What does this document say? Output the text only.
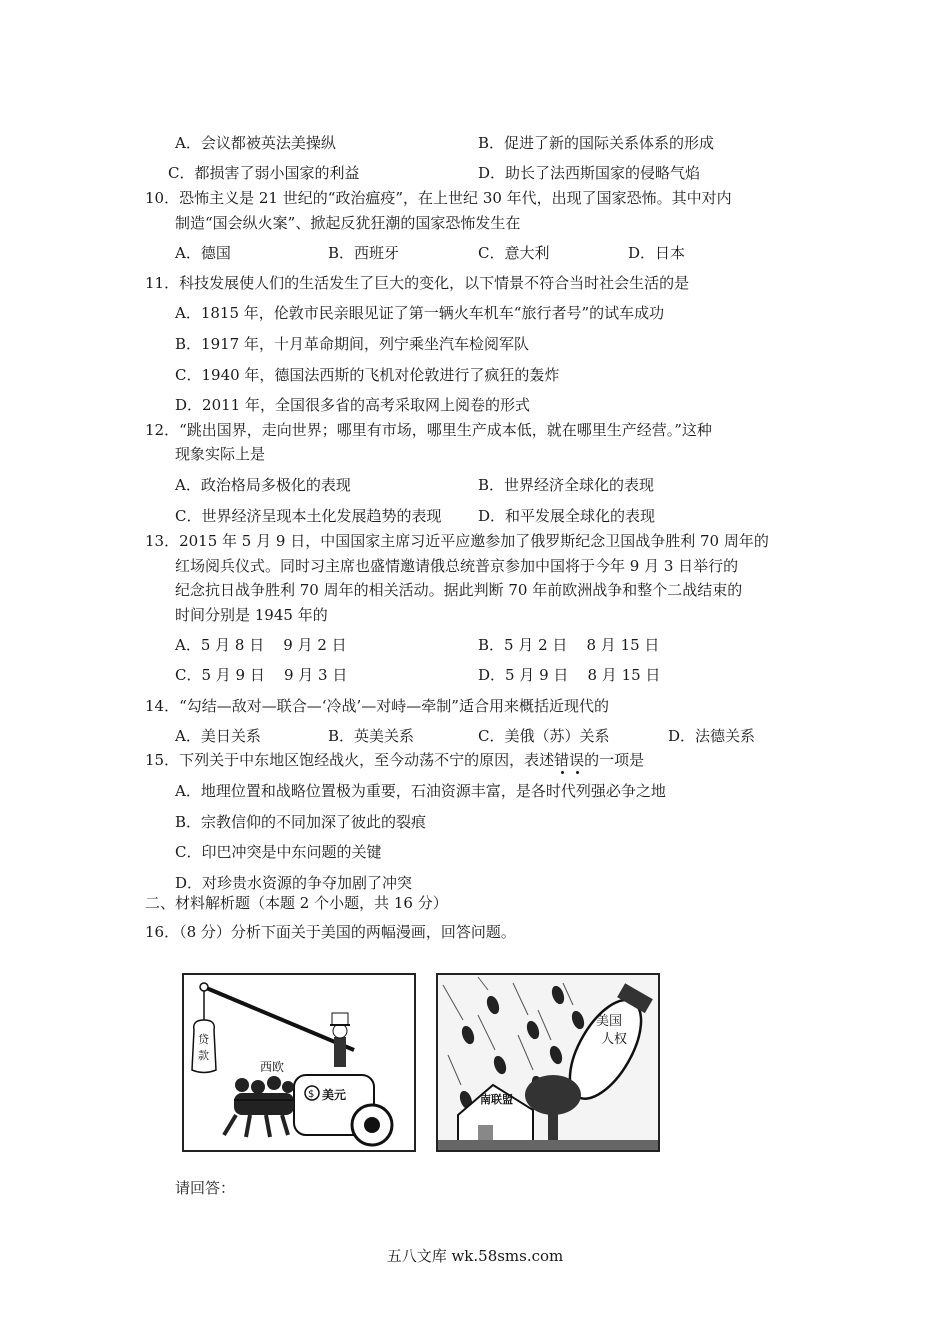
A．会议都被英法美操纵	B．促进了新的国际关系体系的形成
C．都损害了弱小国家的利益	D．助长了法西斯国家的侵略气焰
10．恐怖主义是 21 世纪的“政治瘟疫”，在上世纪 30 年代，出现了国家恐怖。其中对内
制造“国会纵火案”、掀起反犹狂潮的国家恐怖发生在
A．德国	B．西班牙	C．意大利	D．日本
11．科技发展使人们的生活发生了巨大的变化，以下情景不符合当时社会生活的是
A．1815 年，伦敦市民亲眼见证了第一辆火车机车“旅行者号”的试车成功
B．1917 年，十月革命期间，列宁乘坐汽车检阅军队
C．1940 年，德国法西斯的飞机对伦敦进行了疯狂的轰炸
D．2011 年，全国很多省的高考采取网上阅卷的形式
12．“跳出国界，走向世界；哪里有市场，哪里生产成本低，就在哪里生产经营。”这种
现象实际上是
A．政治格局多极化的表现	B．世界经济全球化的表现
C．世界经济呈现本土化发展趋势的表现 D．和平发展全球化的表现
13．2015 年 5 月 9 日，中国国家主席习近平应邀参加了俄罗斯纪念卫国战争胜利 70 周年的
红场阅兵仪式。同时习主席也盛情邀请俄总统普京参加中国将于今年 9 月 3 日举行的
纪念抗日战争胜利 70 周年的相关活动。据此判断 70 年前欧洲战争和整个二战结束的
时间分别是 1945 年的
A．5 月 8 日    9 月 2 日	B．5 月 2 日    8 月 15 日
C．5 月 9 日    9 月 3 日	D．5 月 9 日    8 月 15 日
14．“勾结—敌对—联合—‘冷战’—对峙—牵制”适合用来概括近现代的
A．美日关系	B．英美关系	C．美俄（苏）关系	D．法德关系
15．下列关于中东地区饱经战火，至今动荡不宁的原因，表述错误的一项是
A．地理位置和战略位置极为重要，石油资源丰富，是各时代列强必争之地
B．宗教信仰的不同加深了彼此的裂痕
C．印巴冲突是中东问题的关键
D．对珍贵水资源的争夺加剧了冲突
二、材料解析题（本题 2 个小题，共 16 分）
16．（8 分）分析下面关于美国的两幅漫画，回答问题。
贷
款
$ 美元
西欧
美国
人权
南联盟
请回答：
五八文库 wk.58sms.com
